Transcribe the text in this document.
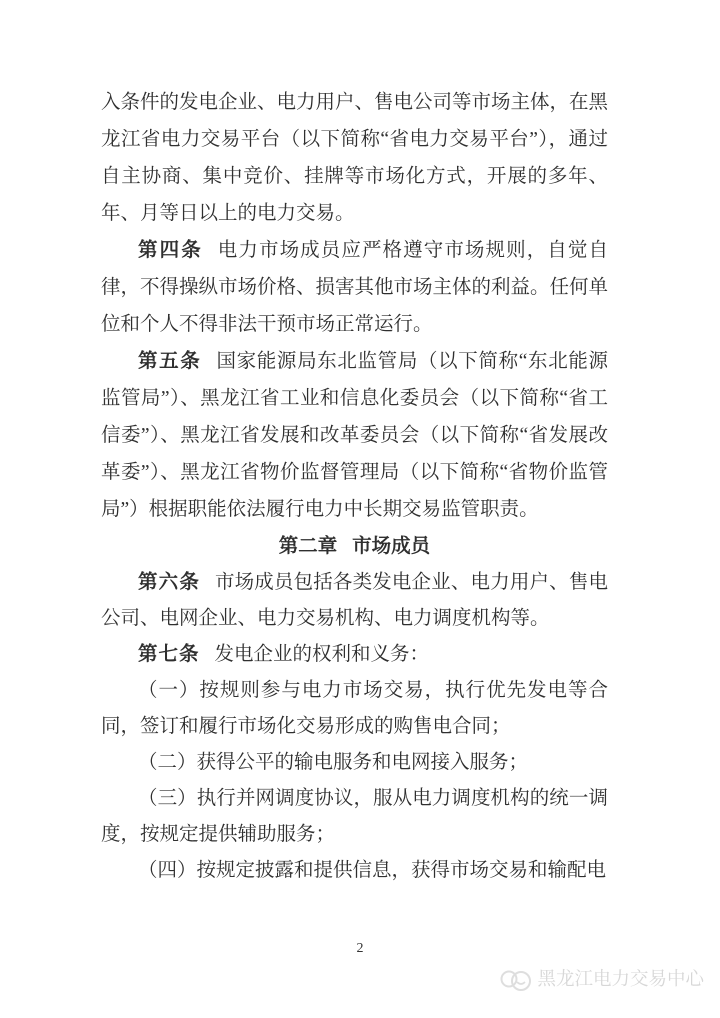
入条件的发电企业、电力用户、售电公司等市场主体，在黑龙江省电力交易平台（以下简称“省电力交易平台”），通过自主协商、集中竞价、挂牌等市场化方式，开展的多年、年、月等日以上的电力交易。

第四条 电力市场成员应严格遵守市场规则，自觉自律，不得操纵市场价格、损害其他市场主体的利益。任何单位和个人不得非法干预市场正常运行。

第五条 国家能源局东北监管局（以下简称“东北能源监管局”）、黑龙江省工业和信息化委员会（以下简称“省工信委”）、黑龙江省发展和改革委员会（以下简称“省发展改革委”）、黑龙江省物价监督管理局（以下简称“省物价监管局”）根据职能依法履行电力中长期交易监管职责。

第二章 市场成员

第六条 市场成员包括各类发电企业、电力用户、售电公司、电网企业、电力交易机构、电力调度机构等。

第七条 发电企业的权利和义务：

（一）按规则参与电力市场交易，执行优先发电等合同，签订和履行市场化交易形成的购售电合同；

（二）获得公平的输电服务和电网接入服务；

（三）执行并网调度协议，服从电力调度机构的统一调度，按规定提供辅助服务；

（四）按规定披露和提供信息，获得市场交易和输配电

2
黑龙江电力交易中心
